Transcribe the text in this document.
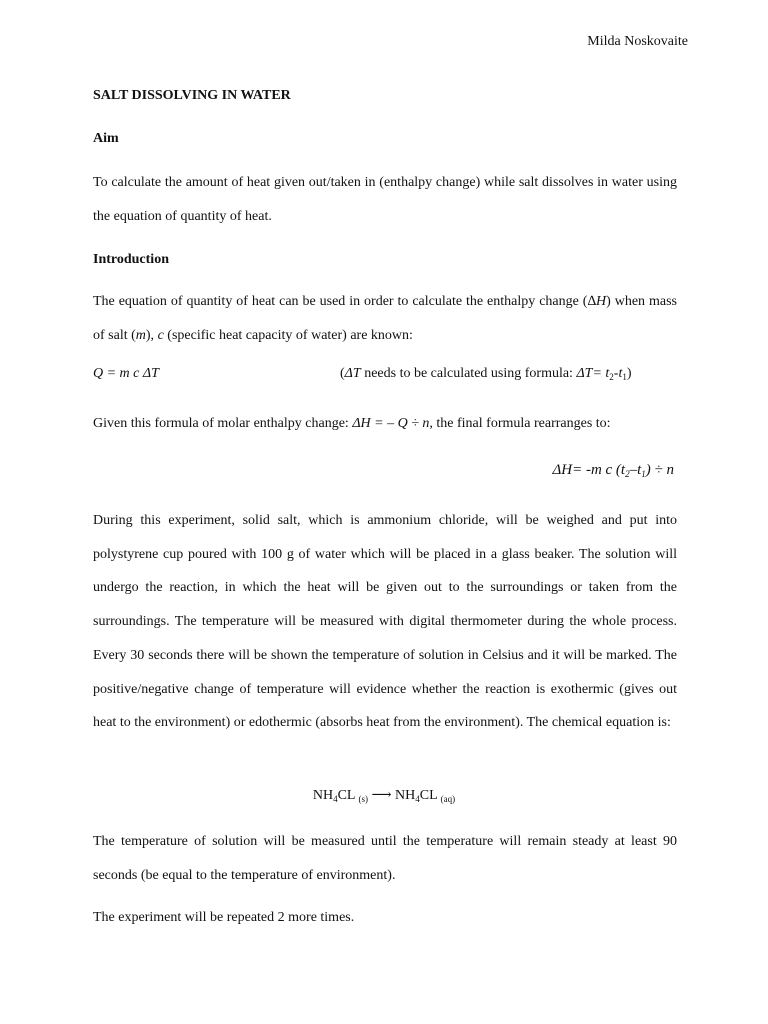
Milda Noskovaite
SALT DISSOLVING IN WATER
Aim
To calculate the amount of heat given out/taken in (enthalpy change) while salt dissolves in water using the equation of quantity of heat.
Introduction
The equation of quantity of heat can be used in order to calculate the enthalpy change (∆H) when mass of salt (m), c (specific heat capacity of water) are known:
Q = m c ΔT	(ΔT needs to be calculated using formula: $\Delta T= t_2-t_1$)
Given this formula of molar enthalpy change: ΔH = – Q ÷ n, the final formula rearranges to:
ΔH= -m c $(t_2-t_1) \div n$
During this experiment, solid salt, which is ammonium chloride, will be weighed and put into polystyrene cup poured with 100 g of water which will be placed in a glass beaker. The solution will undergo the reaction, in which the heat will be given out to the surroundings or taken from the surroundings. The temperature will be measured with digital thermometer during the whole process. Every 30 seconds there will be shown the temperature of solution in Celsius and it will be marked. The positive/negative change of temperature will evidence whether the reaction is exothermic (gives out heat to the environment) or edothermic (absorbs heat from the environment). The chemical equation is:
$NH_4CL$ $_{(s)}$ ⟶ $NH_4CL$ $_{(aq)}$
The temperature of solution will be measured until the temperature will remain steady at least 90 seconds (be equal to the temperature of environment).
The experiment will be repeated 2 more times.
